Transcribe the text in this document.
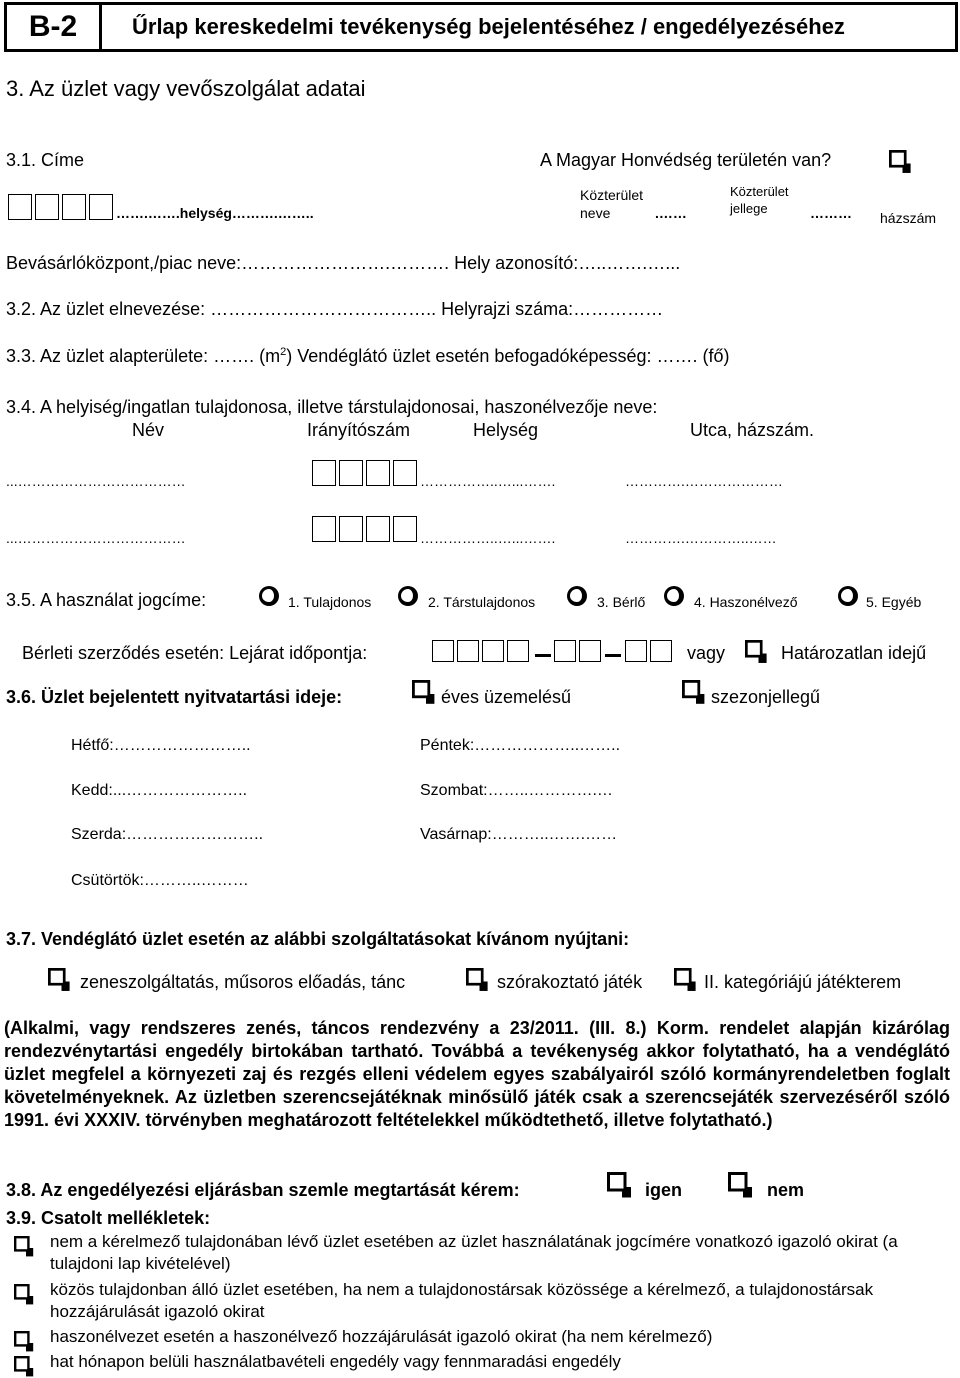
B-2	Űrlap kereskedelmi tevékenység bejelentéséhez / engedélyezéséhez
3. Az üzlet vagy vevőszolgálat adatai
3.1. Címe	A Magyar Honvédség területén van?
…….…….helység……….……..
Közterület
neve	.……
Közterület
jellege	……… házszám
Bevásárlóközpont,/piac neve:…………………….………. Hely azonosító:…..…….…...
3.2. Az üzlet elnevezése: ……………………………….. Helyrajzi száma:……………
3.3. Az üzlet alapterülete: ……. $(m^2)$ Vendéglátó üzlet esetén befogadóképesség: ……. (fő)
3.4. A helyiség/ingatlan tulajdonosa, illetve társtulajdonosai, haszonélvezője neve:
Név	Irányítószám	Helység	Utca, házszám.
...………………………………	……………..…...…….	………….…………………
...………………………………	……………..…...…….	………….…………..……
3.5. A használat jogcíme:	1. Tulajdonos	2. Társtulajdonos	3. Bérlő	4. Haszonélvező	5. Egyéb
Bérleti szerződés esetén: Lejárat időpontja:	vagy	Határozatlan idejű
3.6. Üzlet bejelentett nyitvatartási ideje:	éves üzemelésű	szezonjellegű
Hétfő:……………………..	Péntek:………………..……..
Kedd:...…………………..	Szombat:……..………….…
Szerda:……………………..	Vasárnap:………..…….……
Csütörtök:………..………
3.7. Vendéglátó üzlet esetén az alábbi szolgáltatásokat kívánom nyújtani:
zeneszolgáltatás, műsoros előadás, tánc	szórakoztató játék	II. kategóriájú játékterem
(Alkalmi, vagy rendszeres zenés, táncos rendezvény a 23/2011. (III. 8.) Korm. rendelet alapján kizárólag rendezvénytartási engedély birtokában tartható. Továbbá a tevékenység akkor folytatható, ha a vendéglátó üzlet megfelel a környezeti zaj és rezgés elleni védelem egyes szabályairól szóló kormányrendeletben foglalt követelményeknek. Az üzletben szerencsejátéknak minősülő játék csak a szerencsejáték szervezéséről szóló 1991. évi XXXIV. törvényben meghatározott feltételekkel működtethető, illetve folytatható.)
3.8. Az engedélyezési eljárásban szemle megtartását kérem:	igen	nem
3.9. Csatolt mellékletek:
nem a kérelmező tulajdonában lévő üzlet esetében az üzlet használatának jogcímére vonatkozó igazoló okirat (a tulajdoni lap kivételével)
közös tulajdonban álló üzlet esetében, ha nem a tulajdonostársak közössége a kérelmező, a tulajdonostársak hozzájárulását igazoló okirat
haszonélvezet esetén a haszonélvező hozzájárulását igazoló okirat (ha nem kérelmező)
hat hónapon belüli használatbavételi engedély vagy fennmaradási engedély
